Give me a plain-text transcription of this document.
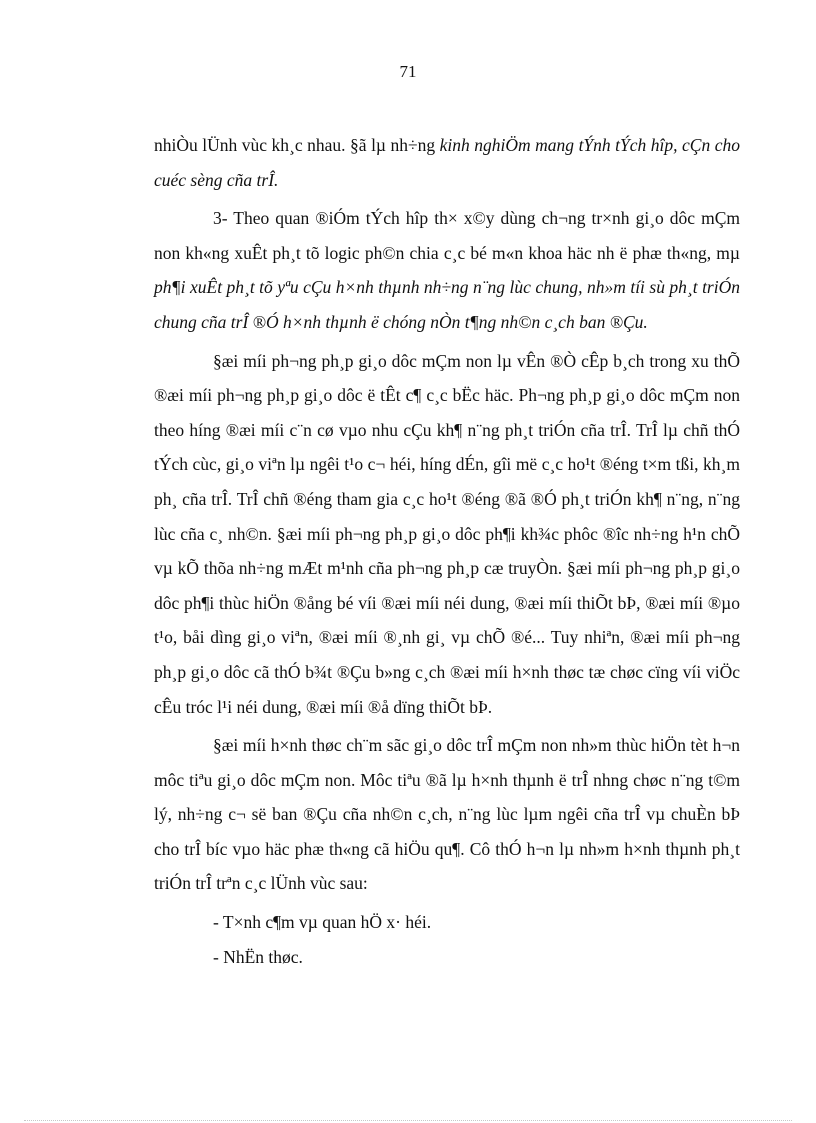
71

nhiÒu lÜnh vùc kh¸c nhau. §ã lµ nh÷ng kinh nghiÖm mang tÝnh tÝch hîp, cÇn cho cuéc sèng cña trÎ.

3- Theo quan ®iÓm tÝch hîp th× x©y dùng ch¬ng tr×nh gi¸o dôc mÇm non kh«ng xuÊt ph¸t tõ logic ph©n chia c¸c bé m«n khoa häc nh ë phæ th«ng, mµ ph¶i xuÊt ph¸t tõ yªu cÇu h×nh thµnh nh÷ng n¨ng lùc chung, nh»m tíi sù ph¸t triÓn chung cña trÎ ®Ó h×nh thµnh ë chóng nÒn t¶ng nh©n c¸ch ban ®Çu.

§æi míi ph¬ng ph¸p gi¸o dôc mÇm non lµ vÊn ®Ò cÊp b¸ch trong xu thÕ ®æi míi ph¬ng ph¸p gi¸o dôc ë tÊt c¶ c¸c bËc häc. Ph¬ng ph¸p gi¸o dôc mÇm non theo híng ®æi míi c¨n cø vµo nhu cÇu kh¶ n¨ng ph¸t triÓn cña trÎ. TrÎ lµ chñ thÓ tÝch cùc, gi¸o viªn lµ ngêi t¹o c¬ héi, híng dÉn, gîi më c¸c ho¹t ®éng t×m tßi, kh¸m ph¸ cña trÎ. TrÎ chñ ®éng tham gia c¸c ho¹t ®éng ®ã ®Ó ph¸t triÓn kh¶ n¨ng, n¨ng lùc cña c¸ nh©n. §æi míi ph¬ng ph¸p gi¸o dôc ph¶i kh¾c phôc ®îc nh÷ng h¹n chÕ vµ kÕ thõa nh÷ng mÆt m¹nh cña ph¬ng ph¸p cæ truyÒn. §æi míi ph¬ng ph¸p gi¸o dôc ph¶i thùc hiÖn ®ång bé víi ®æi míi néi dung, ®æi míi thiÕt bÞ, ®æi míi ®µo t¹o, båi dìng gi¸o viªn, ®æi míi ®¸nh gi¸ vµ chÕ ®é... Tuy nhiªn, ®æi míi ph¬ng ph¸p gi¸o dôc cã thÓ b¾t ®Çu b»ng c¸ch ®æi míi h×nh thøc tæ chøc cïng víi viÖc cÊu tróc l¹i néi dung, ®æi míi ®å dïng thiÕt bÞ.

§æi míi h×nh thøc ch¨m sãc gi¸o dôc trÎ mÇm non nh»m thùc hiÖn tèt h¬n môc tiªu gi¸o dôc mÇm non. Môc tiªu ®ã lµ h×nh thµnh ë trÎ nhng chøc n¨ng t©m lý, nh÷ng c¬ së ban ®Çu cña nh©n c¸ch, n¨ng lùc lµm ngêi cña trÎ vµ chuÈn bÞ cho trÎ bíc vµo häc phæ th«ng cã hiÖu qu¶. Cô thÓ h¬n lµ nh»m h×nh thµnh ph¸t triÓn trÎ trªn c¸c lÜnh vùc sau:

- T×nh c¶m vµ quan hÖ x· héi.

- NhËn thøc.
